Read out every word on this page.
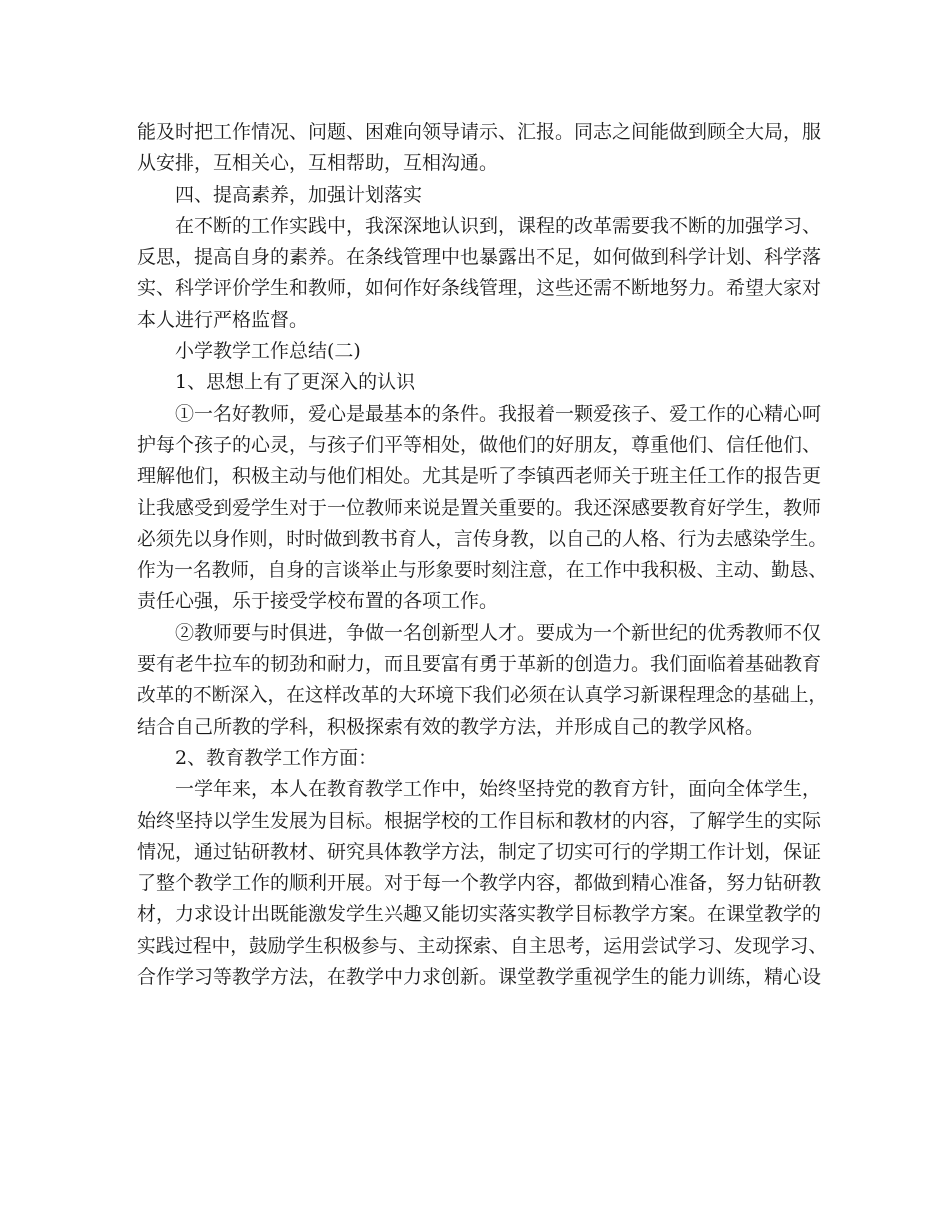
能及时把工作情况、问题、困难向领导请示、汇报。同志之间能做到顾全大局，服
从安排，互相关心，互相帮助，互相沟通。
四、提高素养，加强计划落实
在不断的工作实践中，我深深地认识到，课程的改革需要我不断的加强学习、
反思，提高自身的素养。在条线管理中也暴露出不足，如何做到科学计划、科学落
实、科学评价学生和教师，如何作好条线管理，这些还需不断地努力。希望大家对
本人进行严格监督。
小学教学工作总结(二)
1、思想上有了更深入的认识
①一名好教师，爱心是最基本的条件。我报着一颗爱孩子、爱工作的心精心呵
护每个孩子的心灵，与孩子们平等相处，做他们的好朋友，尊重他们、信任他们、
理解他们，积极主动与他们相处。尤其是听了李镇西老师关于班主任工作的报告更
让我感受到爱学生对于一位教师来说是置关重要的。我还深感要教育好学生，教师
必须先以身作则，时时做到教书育人，言传身教，以自己的人格、行为去感染学生。
作为一名教师，自身的言谈举止与形象要时刻注意，在工作中我积极、主动、勤恳、
责任心强，乐于接受学校布置的各项工作。
②教师要与时俱进，争做一名创新型人才。要成为一个新世纪的优秀教师不仅
要有老牛拉车的韧劲和耐力，而且要富有勇于革新的创造力。我们面临着基础教育
改革的不断深入，在这样改革的大环境下我们必须在认真学习新课程理念的基础上，
结合自己所教的学科，积极探索有效的教学方法，并形成自己的教学风格。
2、教育教学工作方面：
一学年来，本人在教育教学工作中，始终坚持党的教育方针，面向全体学生，
始终坚持以学生发展为目标。根据学校的工作目标和教材的内容，了解学生的实际
情况，通过钻研教材、研究具体教学方法，制定了切实可行的学期工作计划，保证
了整个教学工作的顺利开展。对于每一个教学内容，都做到精心准备，努力钻研教
材，力求设计出既能激发学生兴趣又能切实落实教学目标教学方案。在课堂教学的
实践过程中，鼓励学生积极参与、主动探索、自主思考，运用尝试学习、发现学习、
合作学习等教学方法，在教学中力求创新。课堂教学重视学生的能力训练，精心设
